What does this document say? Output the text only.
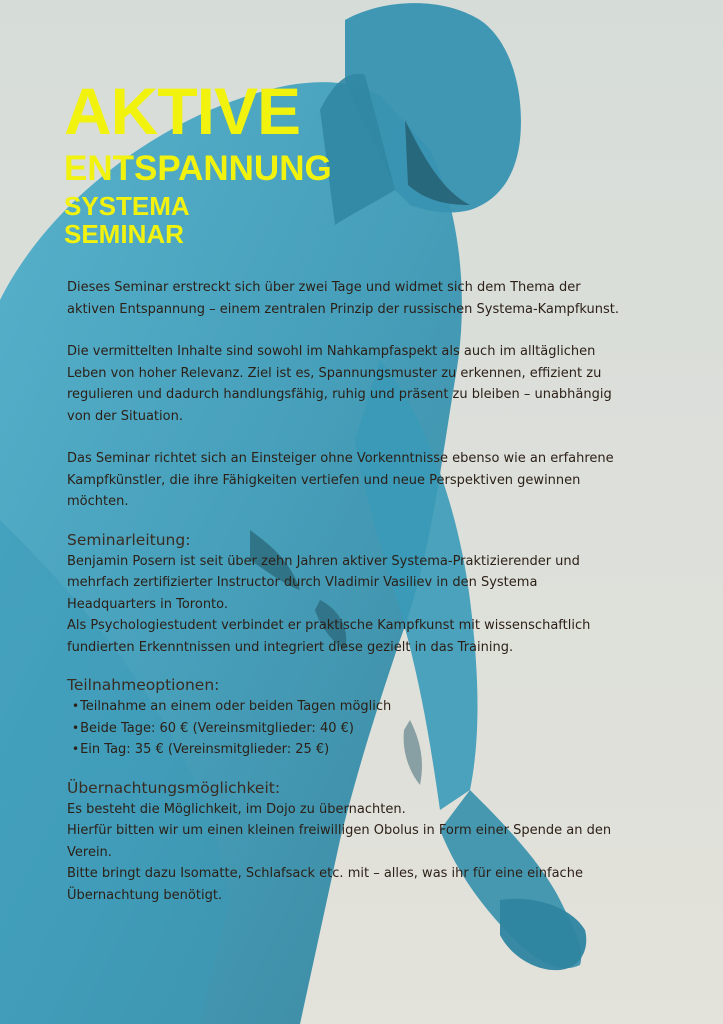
AKTIVE
ENTSPANNUNG
SYSTEMA
SEMINAR

Dieses Seminar erstreckt sich über zwei Tage und widmet sich dem Thema der aktiven Entspannung – einem zentralen Prinzip der russischen Systema-Kampfkunst.

Die vermittelten Inhalte sind sowohl im Nahkampfaspekt als auch im alltäglichen Leben von hoher Relevanz. Ziel ist es, Spannungsmuster zu erkennen, effizient zu regulieren und dadurch handlungsfähig, ruhig und präsent zu bleiben – unabhängig von der Situation.

Das Seminar richtet sich an Einsteiger ohne Vorkenntnisse ebenso wie an erfahrene Kampfkünstler, die ihre Fähigkeiten vertiefen und neue Perspektiven gewinnen möchten.

Seminarleitung:

Benjamin Posern ist seit über zehn Jahren aktiver Systema-Praktizierender und mehrfach zertifizierter Instructor durch Vladimir Vasiliev in den Systema Headquarters in Toronto.

Als Psychologiestudent verbindet er praktische Kampfkunst mit wissenschaftlich fundierten Erkenntnissen und integriert diese gezielt in das Training.

Teilnahmeoptionen:

•Teilnahme an einem oder beiden Tagen möglich
•Beide Tage: 60 € (Vereinsmitglieder: 40 €)
•Ein Tag: 35 € (Vereinsmitglieder: 25 €)

Übernachtungsmöglichkeit:

Es besteht die Möglichkeit, im Dojo zu übernachten.

Hierfür bitten wir um einen kleinen freiwilligen Obolus in Form einer Spende an den Verein.

Bitte bringt dazu Isomatte, Schlafsack etc. mit – alles, was ihr für eine einfache Übernachtung benötigt.
